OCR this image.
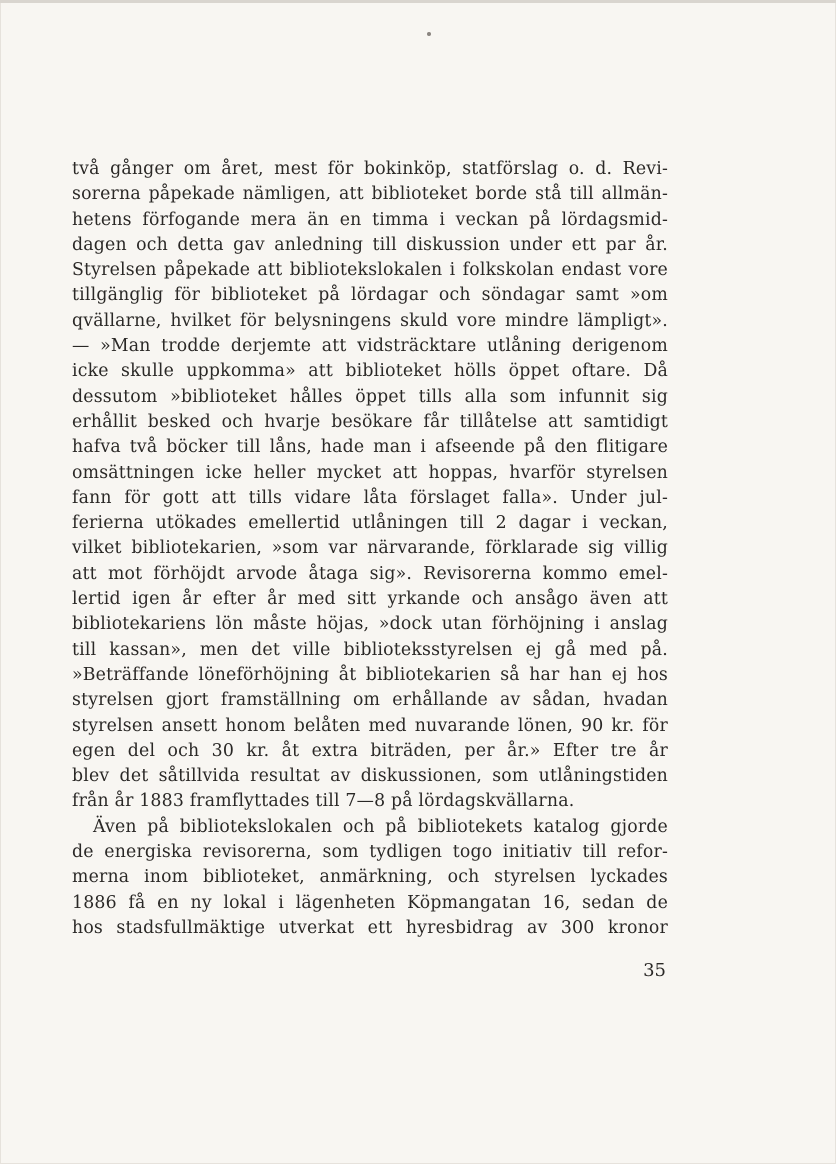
två gånger om året, mest för bokinköp, statförslag o. d. Revi-
sorerna påpekade nämligen, att biblioteket borde stå till allmän-
hetens förfogande mera än en timma i veckan på lördagsmid-
dagen och detta gav anledning till diskussion under ett par år.
Styrelsen påpekade att bibliotekslokalen i folkskolan endast vore
tillgänglig för biblioteket på lördagar och söndagar samt »om
qvällarne, hvilket för belysningens skuld vore mindre lämpligt».
— »Man trodde derjemte att vidsträcktare utlåning derigenom
icke skulle uppkomma» att biblioteket hölls öppet oftare. Då
dessutom »biblioteket hålles öppet tills alla som infunnit sig
erhållit besked och hvarje besökare får tillåtelse att samtidigt
hafva två böcker till låns, hade man i afseende på den flitigare
omsättningen icke heller mycket att hoppas, hvarför styrelsen
fann för gott att tills vidare låta förslaget falla». Under jul-
ferierna utökades emellertid utlåningen till 2 dagar i veckan,
vilket bibliotekarien, »som var närvarande, förklarade sig villig
att mot förhöjdt arvode åtaga sig». Revisorerna kommo emel-
lertid igen år efter år med sitt yrkande och ansågo även att
bibliotekariens lön måste höjas, »dock utan förhöjning i anslag
till kassan», men det ville biblioteksstyrelsen ej gå med på.
»Beträffande löneförhöjning åt bibliotekarien så har han ej hos
styrelsen gjort framställning om erhållande av sådan, hvadan
styrelsen ansett honom belåten med nuvarande lönen, 90 kr. för
egen del och 30 kr. åt extra biträden, per år.» Efter tre år
blev det såtillvida resultat av diskussionen, som utlåningstiden
från år 1883 framflyttades till 7—8 på lördagskvällarna.
Även på bibliotekslokalen och på bibliotekets katalog gjorde
de energiska revisorerna, som tydligen togo initiativ till refor-
merna inom biblioteket, anmärkning, och styrelsen lyckades
1886 få en ny lokal i lägenheten Köpmangatan 16, sedan de
hos stadsfullmäktige utverkat ett hyresbidrag av 300 kronor
35
